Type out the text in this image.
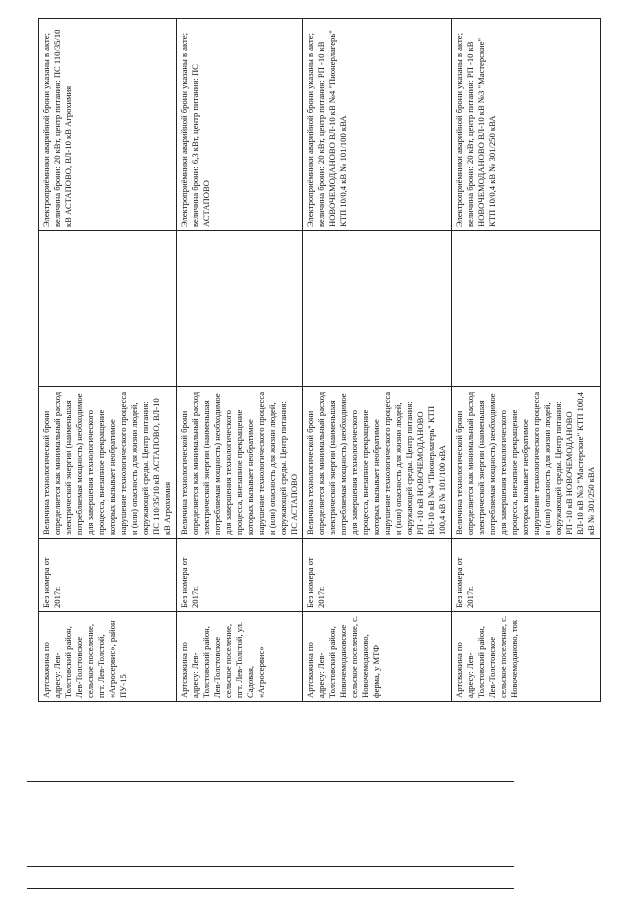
Артсважина по адресу: Лев-Толстовский район, Лев-Толстовское сельское поселение, пгт. Лев-Толстой, «Агросервис», район ПУ-15	Без номера от 2017г.	Величина технологической брони определяется как минимальный расход электрической энергии (наименьшая потребляемая мощность) необходимое для завершения технологического процесса, внезапное прекращение которых вызывает необратимое нарушение технологического процесса и (или) опасность для жизни людей, окружающей среды. Центр питания: ПС 110/35/10 кВ АСТАПОВО, ВЛ-10 кВ Агрохимия		Электроприёмники аварийной брони указаны в акте; величина брони: 20 кВт, центр питания: ПС 110/35/10 кВ АСТАПОВО, ВЛ-10 кВ Агрохимия
Артсважина по адресу: Лев-Толстовский район, Лев-Толстовское сельское поселение, пгт. Лев-Толстой, ул. Садовая, «Агросервис»	Без номера от 2017г.	Величина технологической брони определяется как минимальный расход электрической энергии (наименьшая потребляемая мощность) необходимое для завершения технологического процесса, внезапное прекращение которых вызывает необратимое нарушение технологического процесса и (или) опасность для жизни людей, окружающей среды. Центр питания: ПС АСТАПОВО		Электроприёмники аварийной брони указаны в акте; величина брони: 6,3 кВт, центр питания: ПС АСТАПОВО
Артсважина по адресу: Лев-Толстовский район, Новочемодановское сельское поселение, с. Новочемоданово, ферма, у МТФ	Без номера от 2017г.	Величина технологической брони определяется как минимальный расход электрической энергии (наименьшая потребляемая мощность) необходимое для завершения технологического процесса, внезапное прекращение которых вызывает необратимое нарушение технологического процесса и (или) опасность для жизни людей, окружающей среды. Центр питания: РП -10 кВ НОВОЧЕМОДАНОВО ВЛ-10 кВ №4 "Пионерлагерь" КТП 100,4 кВ № 101/100 кВА		Электроприёмники аварийной брони указаны в акте; величина брони: 20 кВт, центр питания: РП -10 кВ НОВОЧЕМОДАНОВО ВЛ-10 кВ №4 "Пионерлагерь" КТП 10/0,4 кВ № 101/100 кВА
Артсважина по адресу: Лев-Толстовский район, Лев-Толстовское сельское поселение, с. Новочемоданово, ток	Без номера от 2017г.	Величина технологической брони определяется как минимальный расход электрической энергии (наименьшая потребляемая мощность) необходимое для завершения технологического процесса, внезапное прекращение которых вызывает необратимое нарушение технологического процесса и (или) опасность для жизни людей, окружающей среды. Центр питания: РП -10 кВ НОВОЧЕМОДАНОВО ВЛ-10 кВ №3 "Мастерские" КТП 100,4 кВ № 301/250 кВА		Электроприёмники аварийной брони указаны в акте; величина брони: 20 кВт, центр питания: РП -10 кВ НОВОЧЕМОДАНОВО ВЛ-10 кВ №3 "Мастерские" КТП 10/0,4 кВ № 301/250 кВА
